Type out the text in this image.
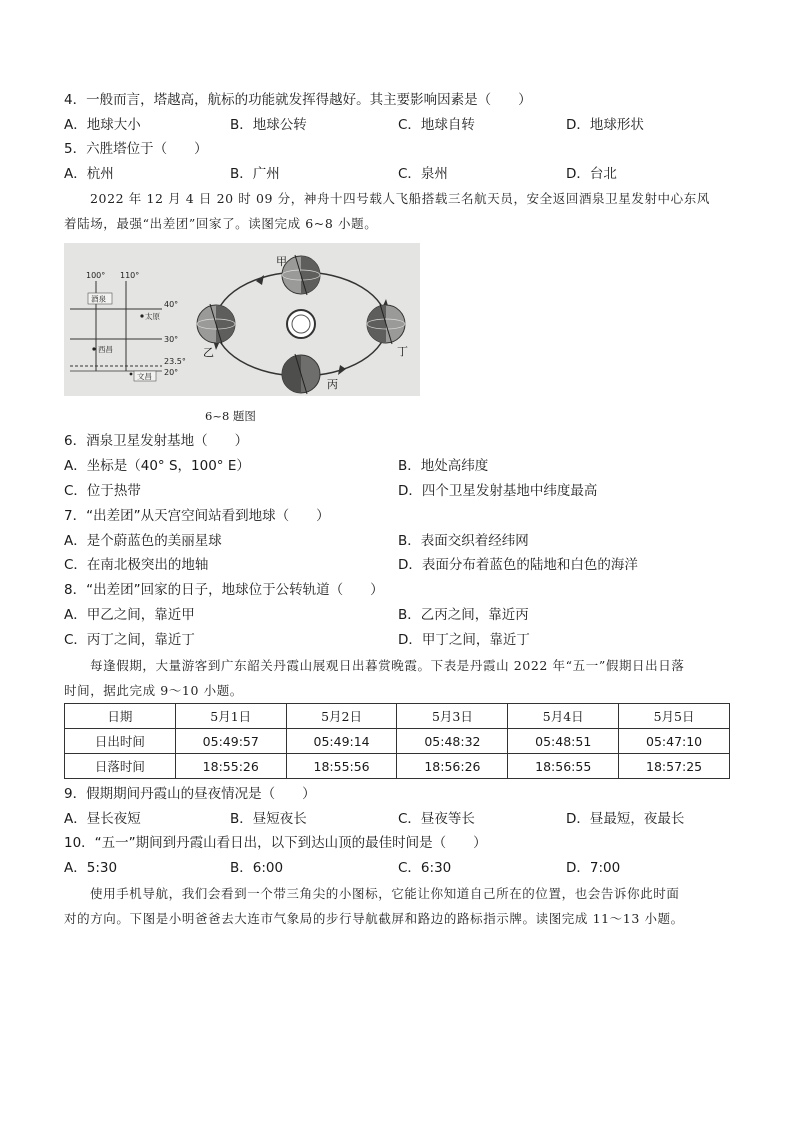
4．一般而言，塔越高，航标的功能就发挥得越好。其主要影响因素是（　　）
A．地球大小	B．地球公转	C．地球自转	D．地球形状
5．六胜塔位于（　　）
A．杭州	B．广州	C．泉州	D．台北
2022 年 12 月 4 日 20 时 09 分，神舟十四号载人飞船搭载三名航天员，安全返回酒泉卫星发射中心东风
着陆场，最强“出差团”回家了。读图完成 6~8 小题。
100° 110°
40°
30°
23.5°
20°
酒泉
太原
西昌
文昌
甲
乙
丙
丁
6~8 题图
6．酒泉卫星发射基地（　　）
A．坐标是（40° S，100° E）	B．地处高纬度
C．位于热带	D．四个卫星发射基地中纬度最高
7．“出差团”从天宫空间站看到地球（　　）
A．是个蔚蓝色的美丽星球	B．表面交织着经纬网
C．在南北极突出的地轴	D．表面分布着蓝色的陆地和白色的海洋
8．“出差团”回家的日子，地球位于公转轨道（　　）
A．甲乙之间，靠近甲	B．乙丙之间，靠近丙
C．丙丁之间，靠近丁	D．甲丁之间，靠近丁
每逢假期，大量游客到广东韶关丹霞山展观日出暮赏晚霞。下表是丹霞山 2022 年“五一”假期日出日落
时间，据此完成 9～10 小题。
日期	5月1日	5月2日	5月3日	5月4日	5月5日
日出时间	05:49:57	05:49:14	05:48:32	05:48:51	05:47:10
日落时间	18:55:26	18:55:56	18:56:26	18:56:55	18:57:25
9．假期期间丹霞山的昼夜情况是（　　）
A．昼长夜短	B．昼短夜长	C．昼夜等长	D．昼最短，夜最长
10．“五一”期间到丹霞山看日出，以下到达山顶的最佳时间是（　　）
A．5:30	B．6:00	C．6:30	D．7:00
使用手机导航，我们会看到一个带三角尖的小图标，它能让你知道自己所在的位置，也会告诉你此时面
对的方向。下图是小明爸爸去大连市气象局的步行导航截屏和路边的路标指示牌。读图完成 11～13 小题。
